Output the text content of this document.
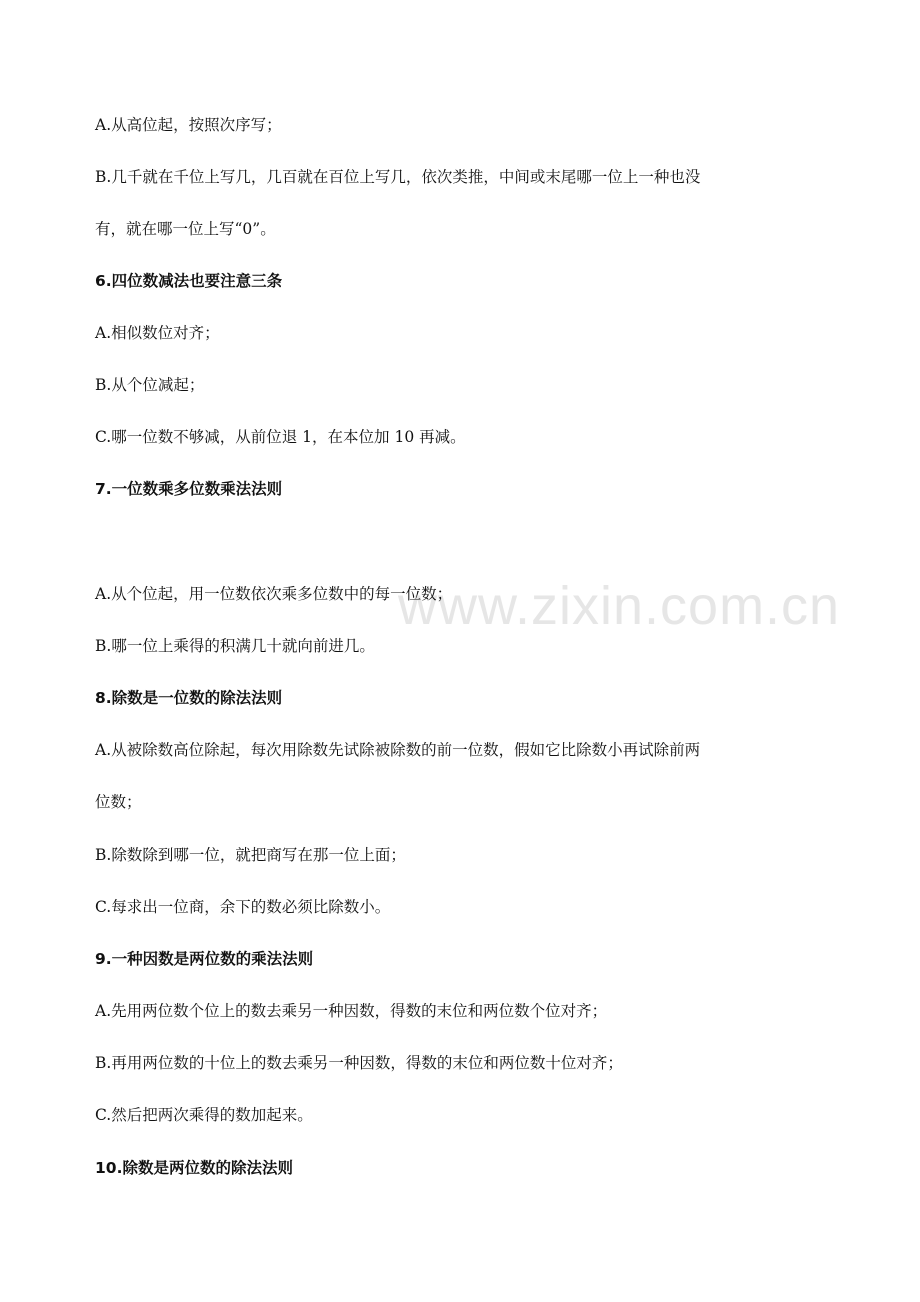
www.zixin.com.cn

A.从高位起，按照次序写；

B.几千就在千位上写几，几百就在百位上写几，依次类推，中间或末尾哪一位上一种也没

有，就在哪一位上写“0”。

6.四位数减法也要注意三条

A.相似数位对齐；

B.从个位减起；

C.哪一位数不够减，从前位退 1，在本位加 10 再减。

7.一位数乘多位数乘法法则

A.从个位起，用一位数依次乘多位数中的每一位数；

B.哪一位上乘得的积满几十就向前进几。

8.除数是一位数的除法法则

A.从被除数高位除起，每次用除数先试除被除数的前一位数，假如它比除数小再试除前两

位数；

B.除数除到哪一位，就把商写在那一位上面；

C.每求出一位商，余下的数必须比除数小。

9.一种因数是两位数的乘法法则

A.先用两位数个位上的数去乘另一种因数，得数的末位和两位数个位对齐；

B.再用两位数的十位上的数去乘另一种因数，得数的末位和两位数十位对齐；

C.然后把两次乘得的数加起来。

10.除数是两位数的除法法则
